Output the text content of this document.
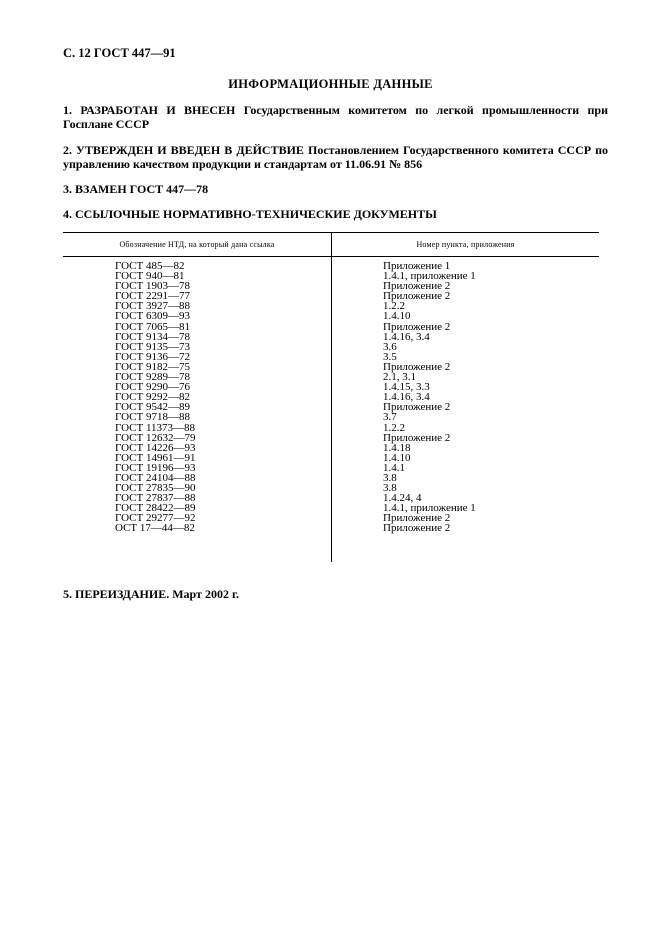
С. 12 ГОСТ 447—91
ИНФОРМАЦИОННЫЕ ДАННЫЕ
1. РАЗРАБОТАН И ВНЕСЕН Государственным комитетом по легкой промышленности при Госплане СССР
2. УТВЕРЖДЕН И ВВЕДЕН В ДЕЙСТВИЕ Постановлением Государственного комитета СССР по управлению качеством продукции и стандартам от 11.06.91 № 856
3. ВЗАМЕН ГОСТ 447—78
4. ССЫЛОЧНЫЕ НОРМАТИВНО-ТЕХНИЧЕСКИЕ ДОКУМЕНТЫ
Обозначение НТД, на который дана ссылка	Номер пункта, приложения
ГОСТ 485—82
ГОСТ 940—81
ГОСТ 1903—78
ГОСТ 2291—77
ГОСТ 3927—88
ГОСТ 6309—93
ГОСТ 7065—81
ГОСТ 9134—78
ГОСТ 9135—73
ГОСТ 9136—72
ГОСТ 9182—75
ГОСТ 9289—78
ГОСТ 9290—76
ГОСТ 9292—82
ГОСТ 9542—89
ГОСТ 9718—88
ГОСТ 11373—88
ГОСТ 12632—79
ГОСТ 14226—93
ГОСТ 14961—91
ГОСТ 19196—93
ГОСТ 24104—88
ГОСТ 27835—90
ГОСТ 27837—88
ГОСТ 28422—89
ГОСТ 29277—92
ОСТ 17—44—82
Приложение 1
1.4.1, приложение 1
Приложение 2
Приложение 2
1.2.2
1.4.10
Приложение 2
1.4.16, 3.4
3.6
3.5
Приложение 2
2.1, 3.1
1.4.15, 3.3
1.4.16, 3.4
Приложение 2
3.7
1.2.2
Приложение 2
1.4.18
1.4.10
1.4.1
3.8
3.8
1.4.24, 4
1.4.1, приложение 1
Приложение 2
Приложение 2
5. ПЕРЕИЗДАНИЕ. Март 2002 г.
